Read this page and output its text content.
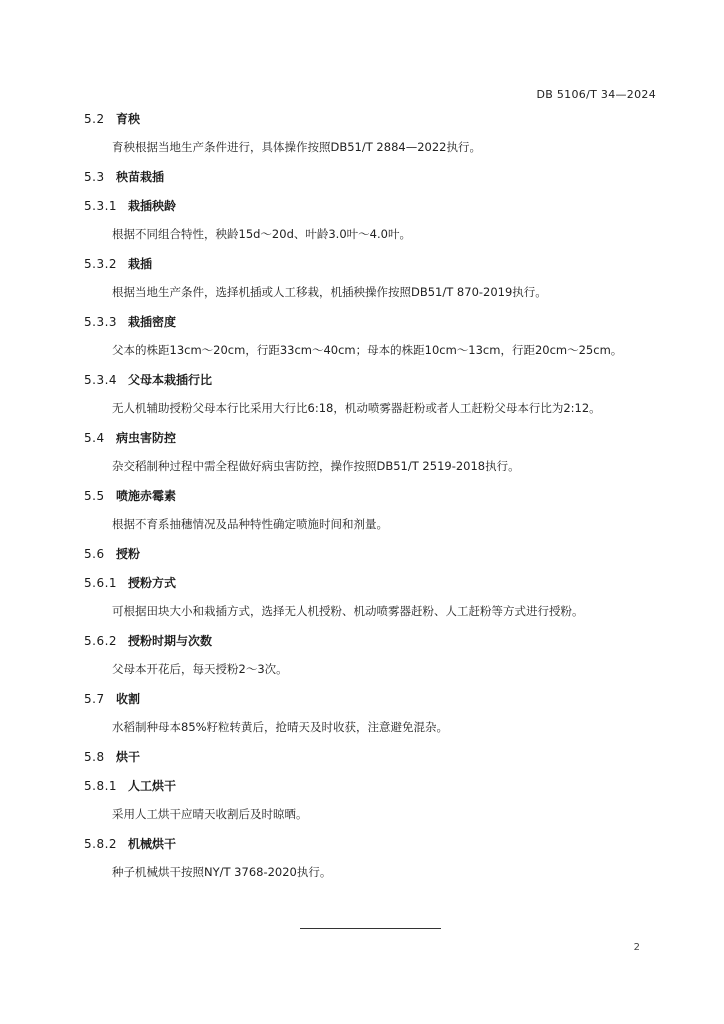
DB 5106/T 34—2024
5.2 育秧
育秧根据当地生产条件进行，具体操作按照DB51/T 2884—2022执行。
5.3 秧苗栽插
5.3.1 栽插秧龄
根据不同组合特性，秧龄15d～20d、叶龄3.0叶～4.0叶。
5.3.2 栽插
根据当地生产条件，选择机插或人工移栽，机插秧操作按照DB51/T 870-2019执行。
5.3.3 栽插密度
父本的株距13cm～20cm，行距33cm～40cm；母本的株距10cm～13cm，行距20cm～25cm。
5.3.4 父母本栽插行比
无人机辅助授粉父母本行比采用大行比6:18，机动喷雾器赶粉或者人工赶粉父母本行比为2:12。
5.4 病虫害防控
杂交稻制种过程中需全程做好病虫害防控，操作按照DB51/T 2519-2018执行。
5.5 喷施赤霉素
根据不育系抽穗情况及品种特性确定喷施时间和剂量。
5.6 授粉
5.6.1 授粉方式
可根据田块大小和栽插方式，选择无人机授粉、机动喷雾器赶粉、人工赶粉等方式进行授粉。
5.6.2 授粉时期与次数
父母本开花后，每天授粉2～3次。
5.7 收割
水稻制种母本85%籽粒转黄后，抢晴天及时收获，注意避免混杂。
5.8 烘干
5.8.1 人工烘干
采用人工烘干应晴天收割后及时晾晒。
5.8.2 机械烘干
种子机械烘干按照NY/T 3768-2020执行。
2
